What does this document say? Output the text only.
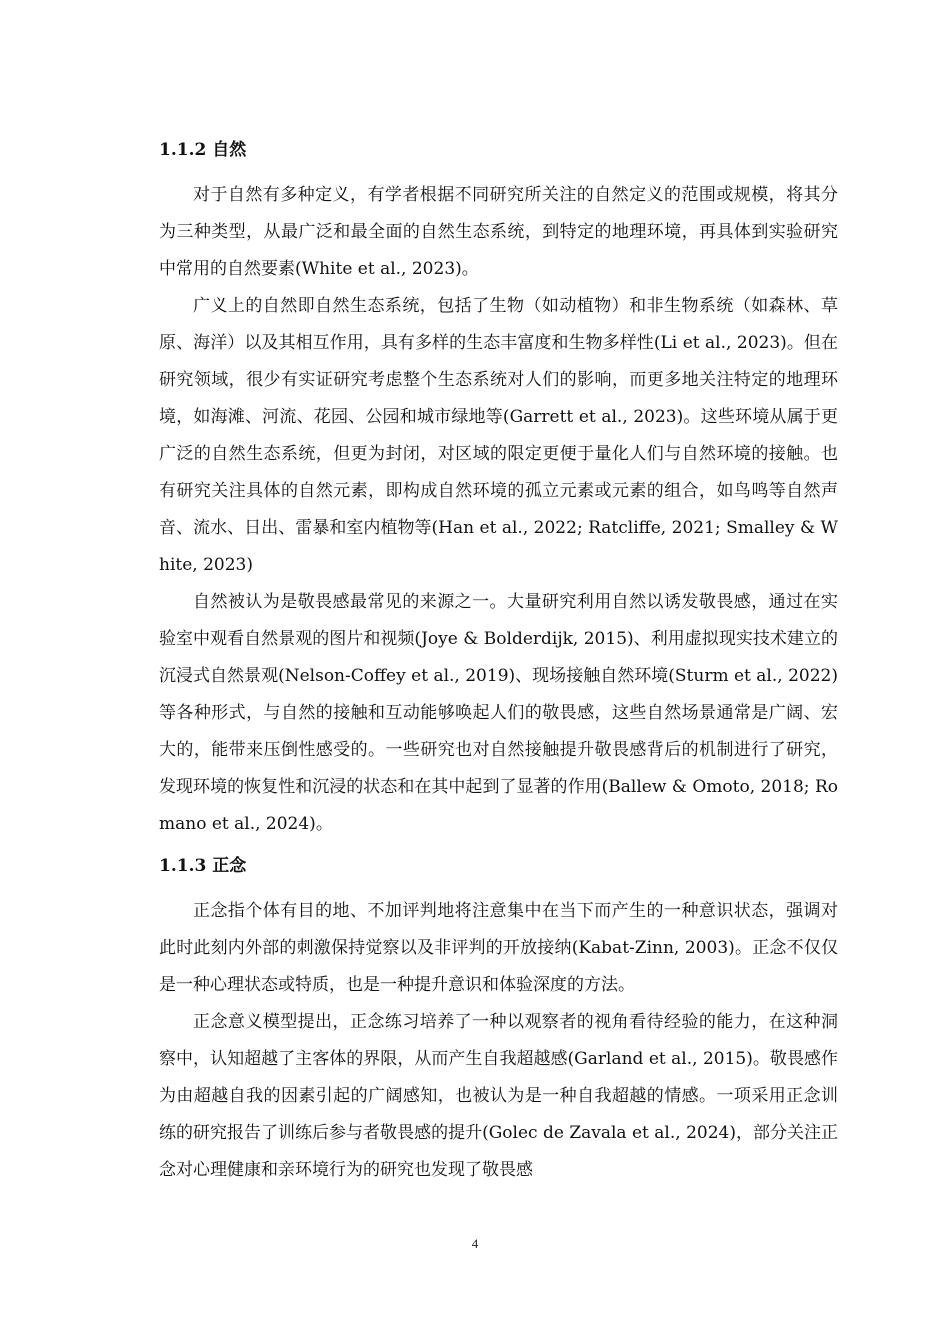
1.1.2 自然

对于自然有多种定义，有学者根据不同研究所关注的自然定义的范围或规模，将其分为三种类型，从最广泛和最全面的自然生态系统，到特定的地理环境，再具体到实验研究中常用的自然要素(White et al., 2023)。

广义上的自然即自然生态系统，包括了生物（如动植物）和非生物系统（如森林、草原、海洋）以及其相互作用，具有多样的生态丰富度和生物多样性(Li et al., 2023)。但在研究领域，很少有实证研究考虑整个生态系统对人们的影响，而更多地关注特定的地理环境，如海滩、河流、花园、公园和城市绿地等(Garrett et al., 2023)。这些环境从属于更广泛的自然生态系统，但更为封闭，对区域的限定更便于量化人们与自然环境的接触。也有研究关注具体的自然元素，即构成自然环境的孤立元素或元素的组合，如鸟鸣等自然声音、流水、日出、雷暴和室内植物等(Han et al., 2022; Ratcliffe, 2021; Smalley & White, 2023)

自然被认为是敬畏感最常见的来源之一。大量研究利用自然以诱发敬畏感，通过在实验室中观看自然景观的图片和视频(Joye & Bolderdijk, 2015)、利用虚拟现实技术建立的沉浸式自然景观(Nelson-Coffey et al., 2019)、现场接触自然环境(Sturm et al., 2022)等各种形式，与自然的接触和互动能够唤起人们的敬畏感，这些自然场景通常是广阔、宏大的，能带来压倒性感受的。一些研究也对自然接触提升敬畏感背后的机制进行了研究，发现环境的恢复性和沉浸的状态和在其中起到了显著的作用(Ballew & Omoto, 2018; Romano et al., 2024)。

1.1.3 正念

正念指个体有目的地、不加评判地将注意集中在当下而产生的一种意识状态，强调对此时此刻内外部的刺激保持觉察以及非评判的开放接纳(Kabat-Zinn, 2003)。正念不仅仅是一种心理状态或特质，也是一种提升意识和体验深度的方法。

正念意义模型提出，正念练习培养了一种以观察者的视角看待经验的能力，在这种洞察中，认知超越了主客体的界限，从而产生自我超越感(Garland et al., 2015)。敬畏感作为由超越自我的因素引起的广阔感知，也被认为是一种自我超越的情感。一项采用正念训练的研究报告了训练后参与者敬畏感的提升(Golec de Zavala et al., 2024)，部分关注正念对心理健康和亲环境行为的研究也发现了敬畏感

4
